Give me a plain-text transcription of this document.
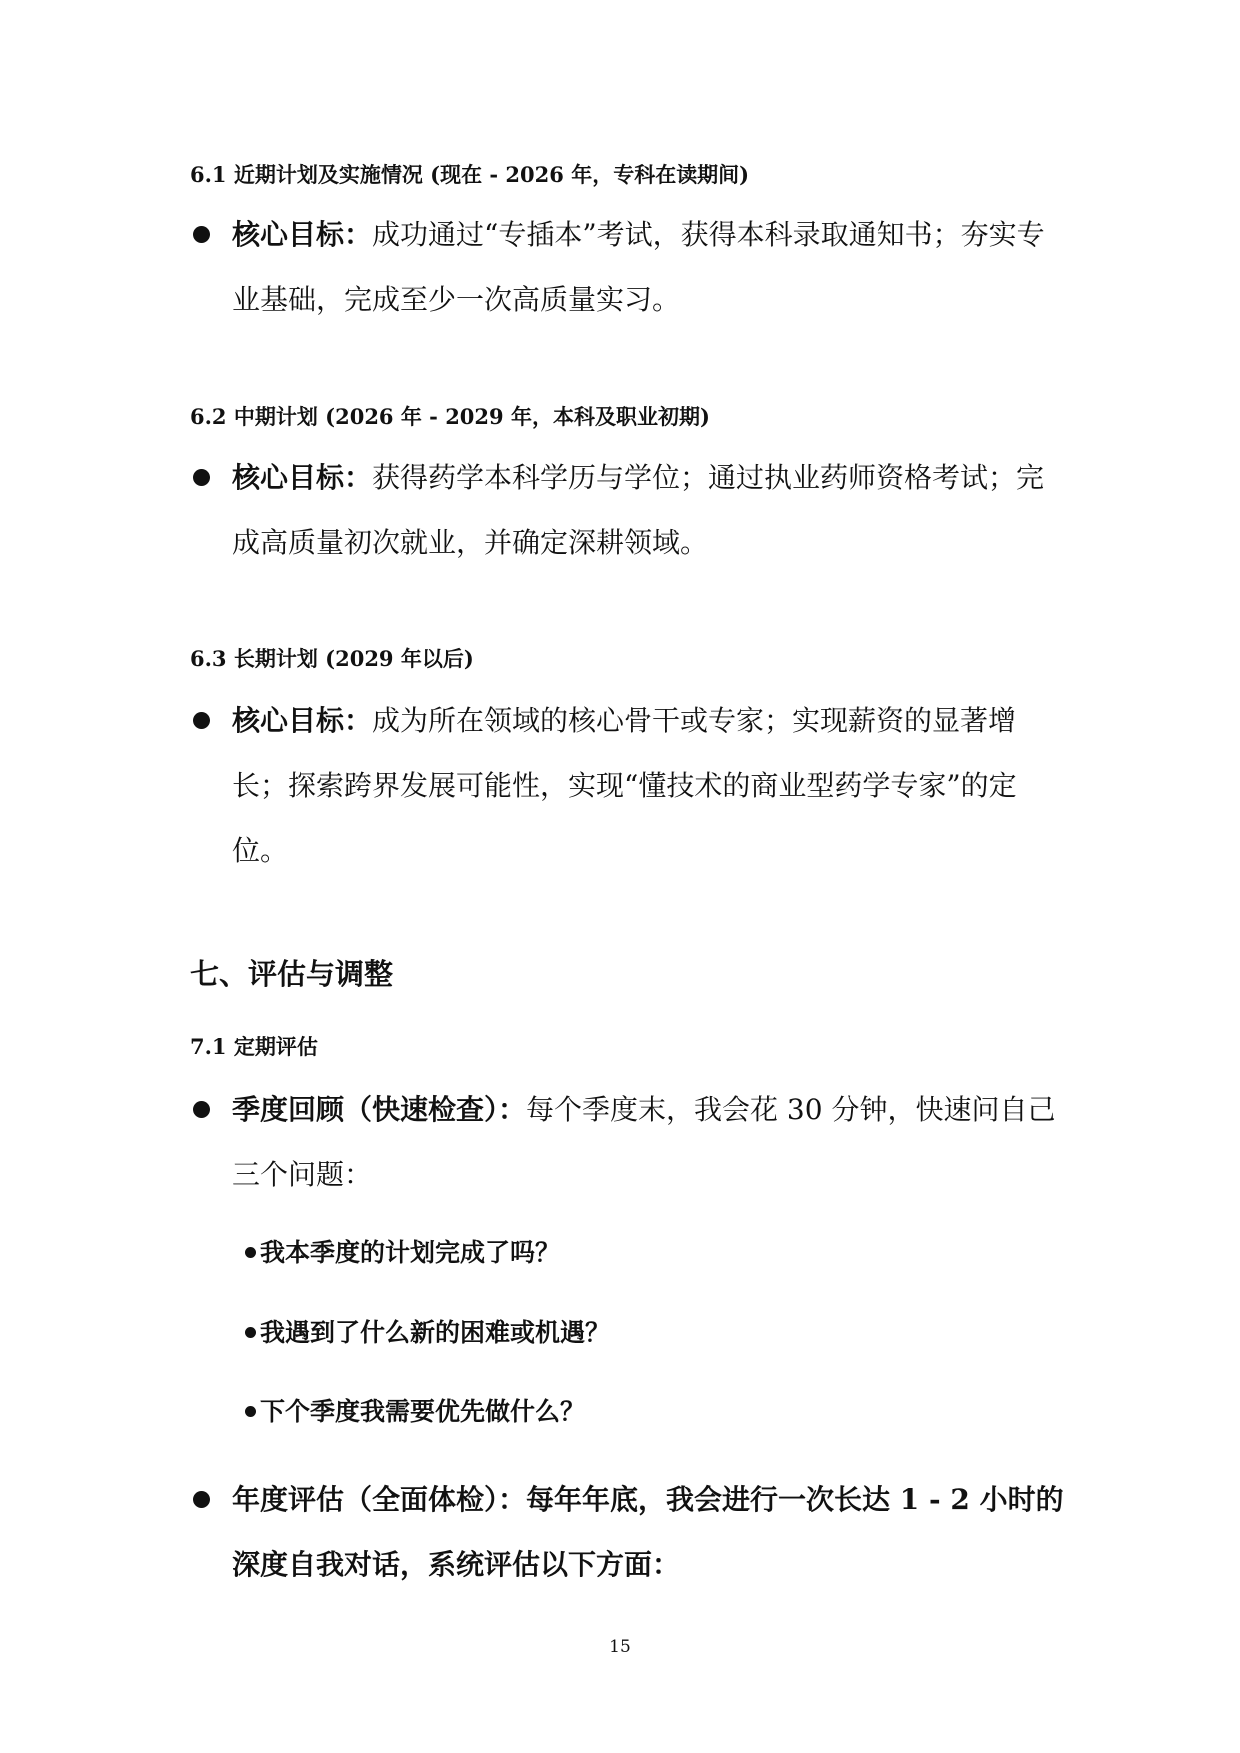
6.1 近期计划及实施情况 (现在 - 2026 年，专科在读期间)
核心目标：成功通过“专插本”考试，获得本科录取通知书；夯实专业基础，完成至少一次高质量实习。
6.2 中期计划 (2026 年 - 2029 年，本科及职业初期)
核心目标：获得药学本科学历与学位；通过执业药师资格考试；完成高质量初次就业，并确定深耕领域。
6.3 长期计划 (2029 年以后)
核心目标：成为所在领域的核心骨干或专家；实现薪资的显著增长；探索跨界发展可能性，实现“懂技术的商业型药学专家”的定位。
七、评估与调整
7.1 定期评估
季度回顾（快速检查）：每个季度末，我会花 30 分钟，快速问自己三个问题：
我本季度的计划完成了吗？
我遇到了什么新的困难或机遇？
下个季度我需要优先做什么？
年度评估（全面体检）：每年年底，我会进行一次长达 1 - 2 小时的深度自我对话，系统评估以下方面：
15
